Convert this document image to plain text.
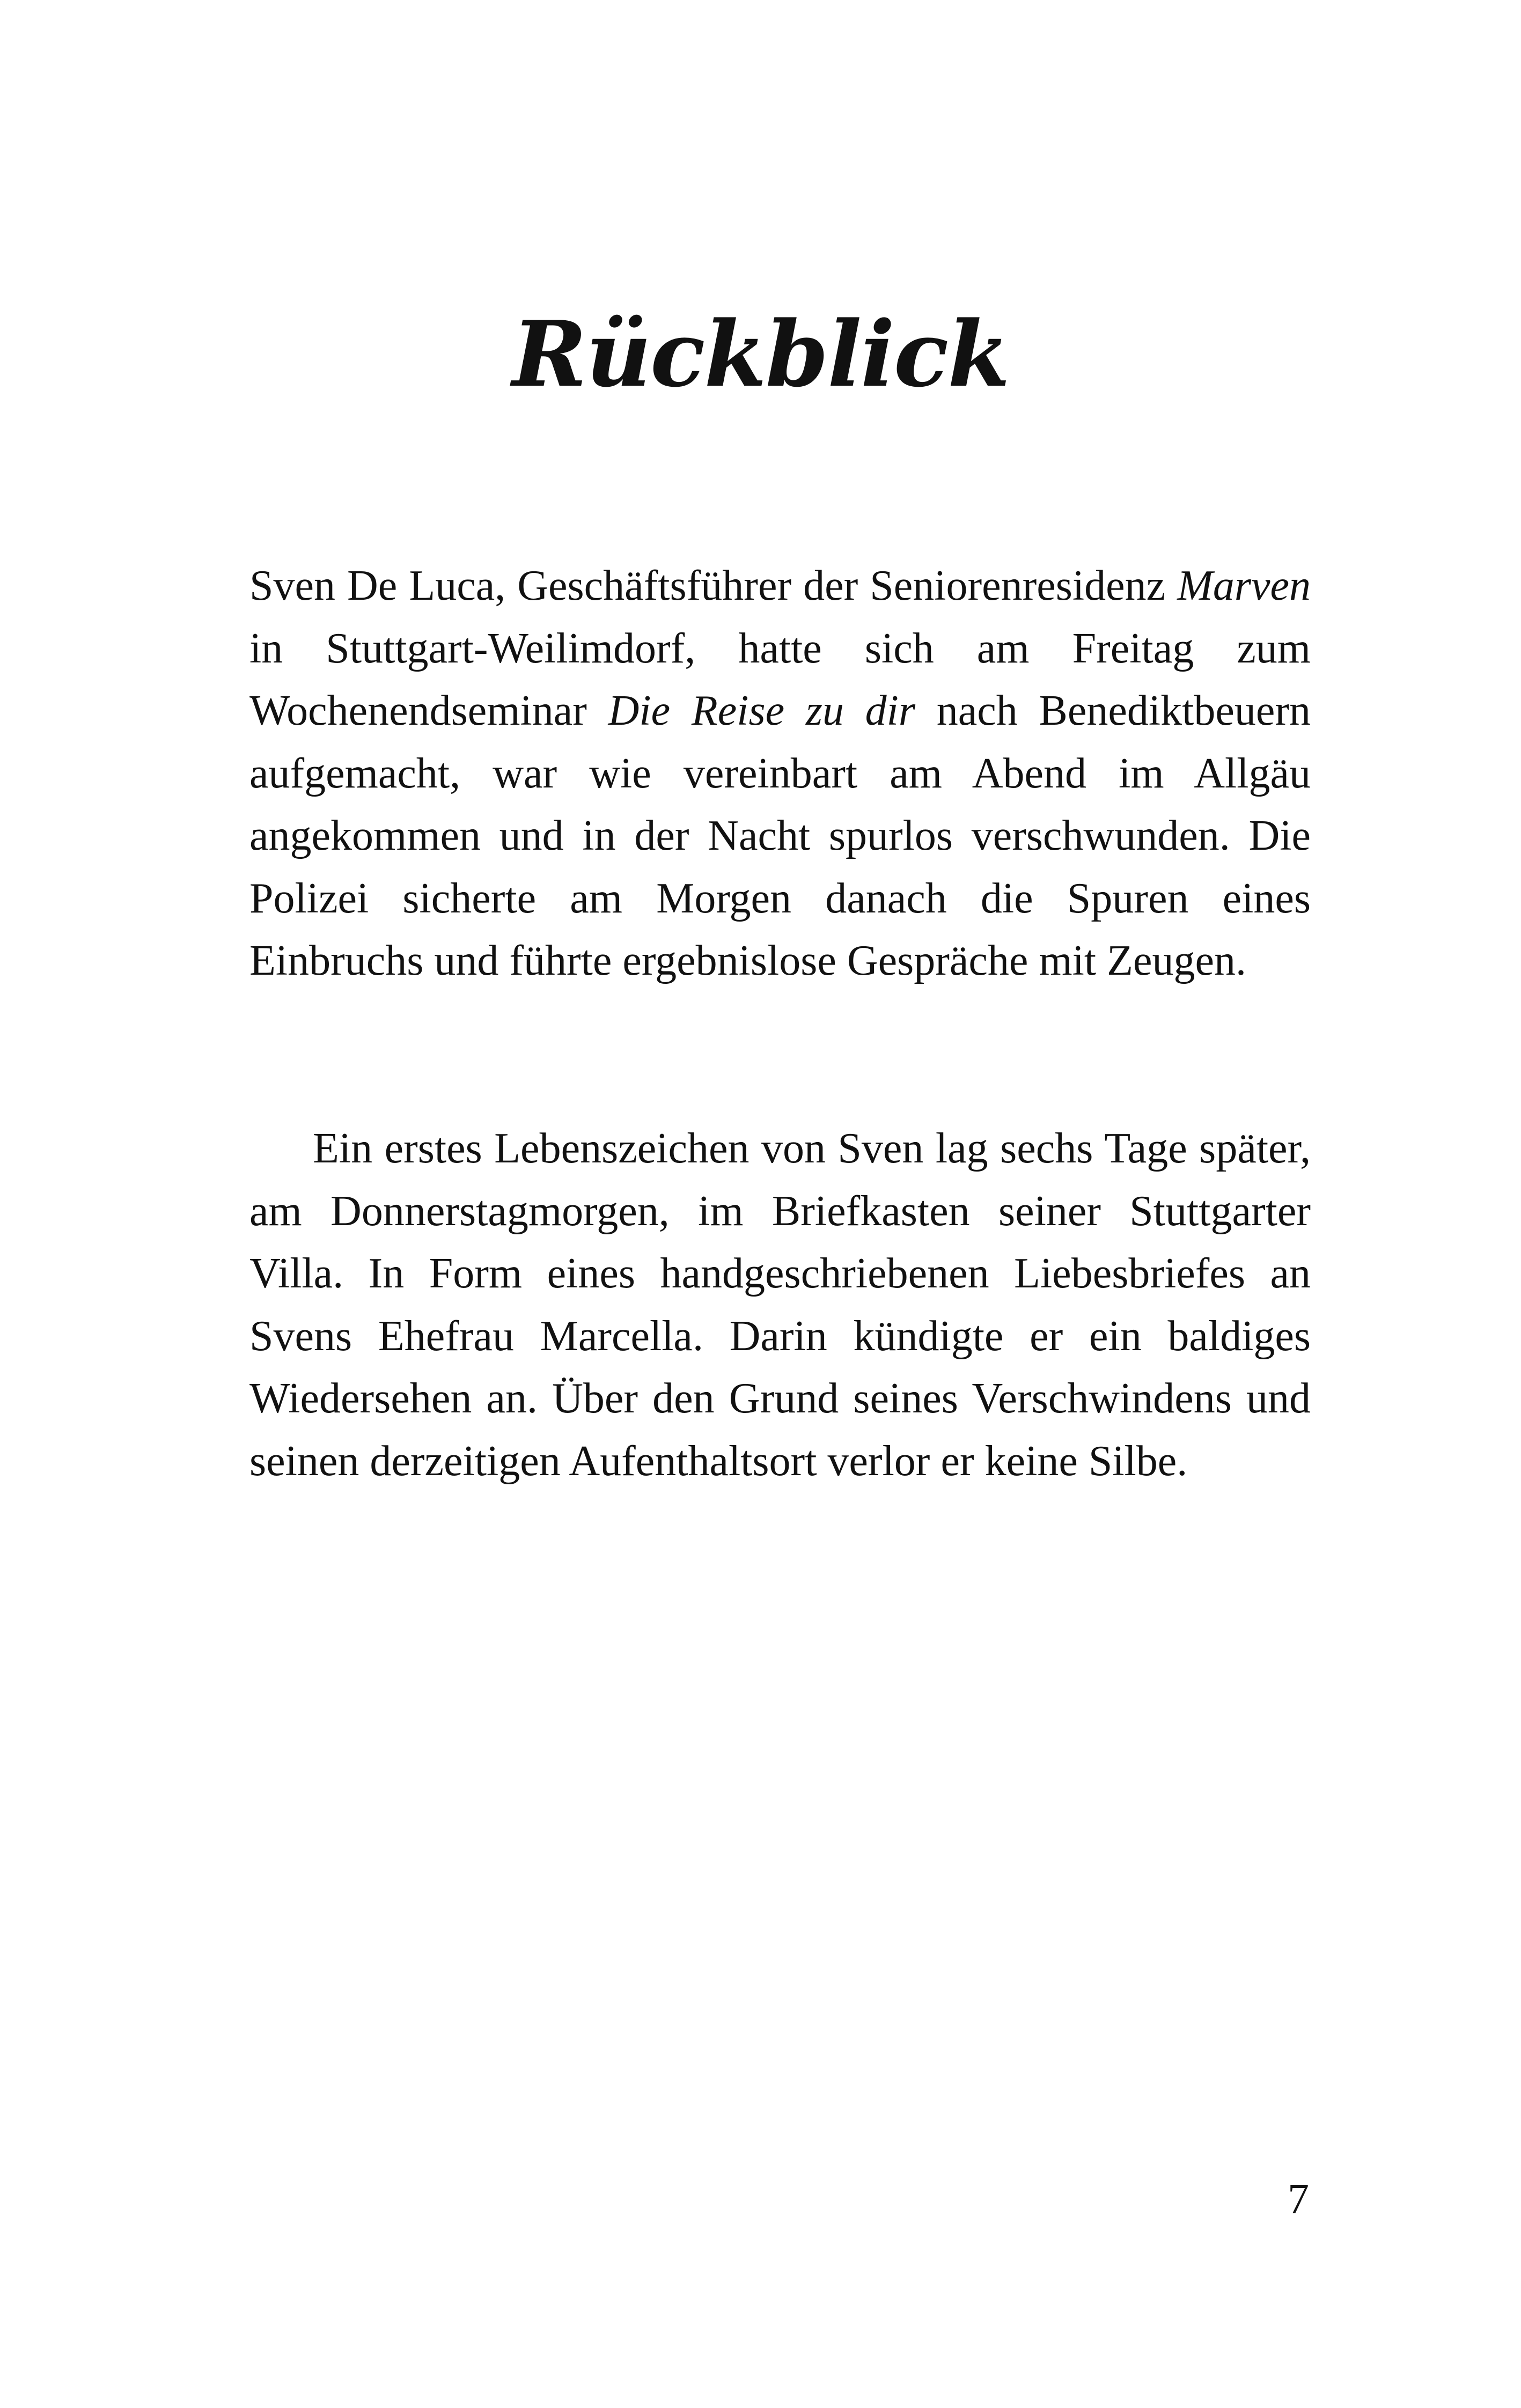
Rückblick

Sven De Luca, Geschäftsführer der Seniorenresidenz Marven in Stuttgart-Weilimdorf, hatte sich am Freitag zum Wochenendseminar Die Reise zu dir nach Benediktbeuern aufgemacht, war wie vereinbart am Abend im Allgäu angekommen und in der Nacht spurlos verschwunden. Die Polizei sicherte am Morgen danach die Spuren eines Einbruchs und führte ergebnislose Gespräche mit Zeugen.

Ein erstes Lebenszeichen von Sven lag sechs Tage später, am Donnerstagmorgen, im Briefkasten seiner Stuttgarter Villa. In Form eines handgeschriebenen Liebesbriefes an Svens Ehefrau Marcella. Darin kündigte er ein baldiges Wiedersehen an. Über den Grund seines Verschwindens und seinen derzeitigen Aufenthaltsort verlor er keine Silbe.

7
